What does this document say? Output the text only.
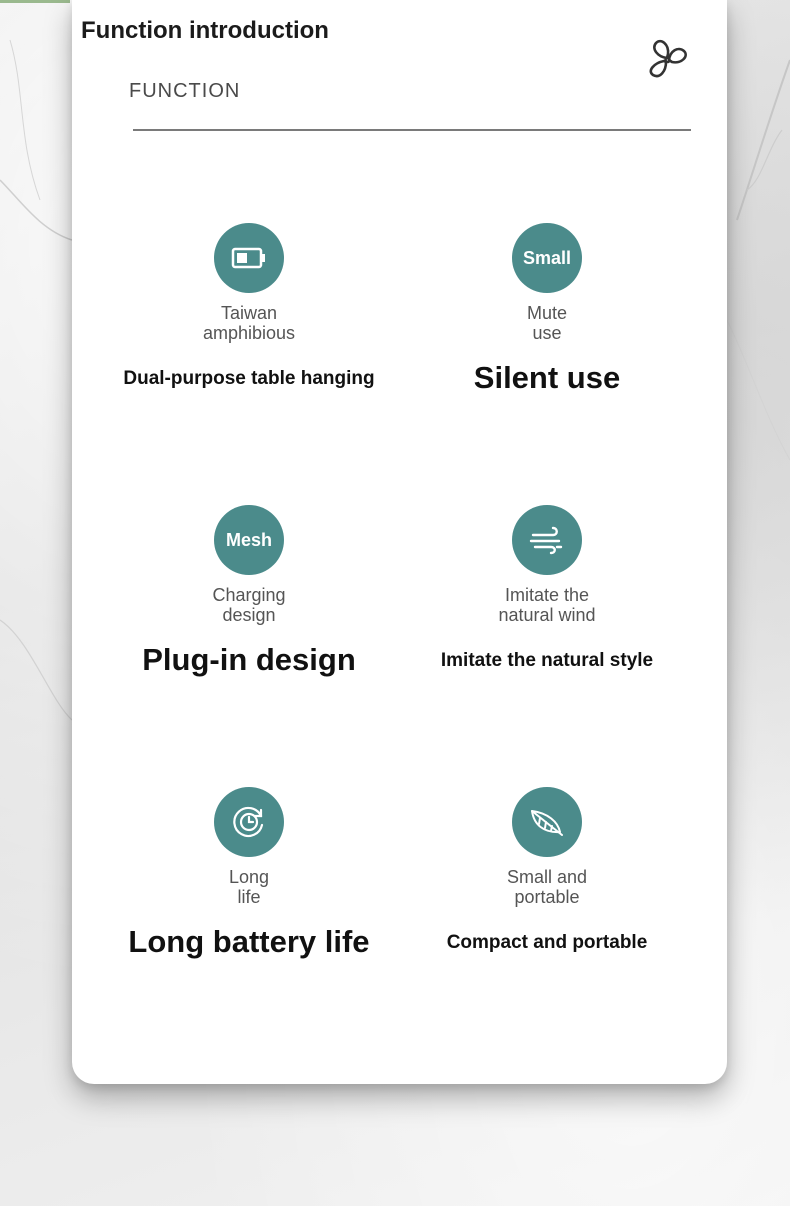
Function introduction
FUNCTION
Taiwan
amphibious
Dual-purpose table hanging
Small
Mute
use
Silent use
Mesh
Charging
design
Plug-in design
Imitate the
natural wind
Imitate the natural style
Long
life
Long battery life
Small and
portable
Compact and portable
